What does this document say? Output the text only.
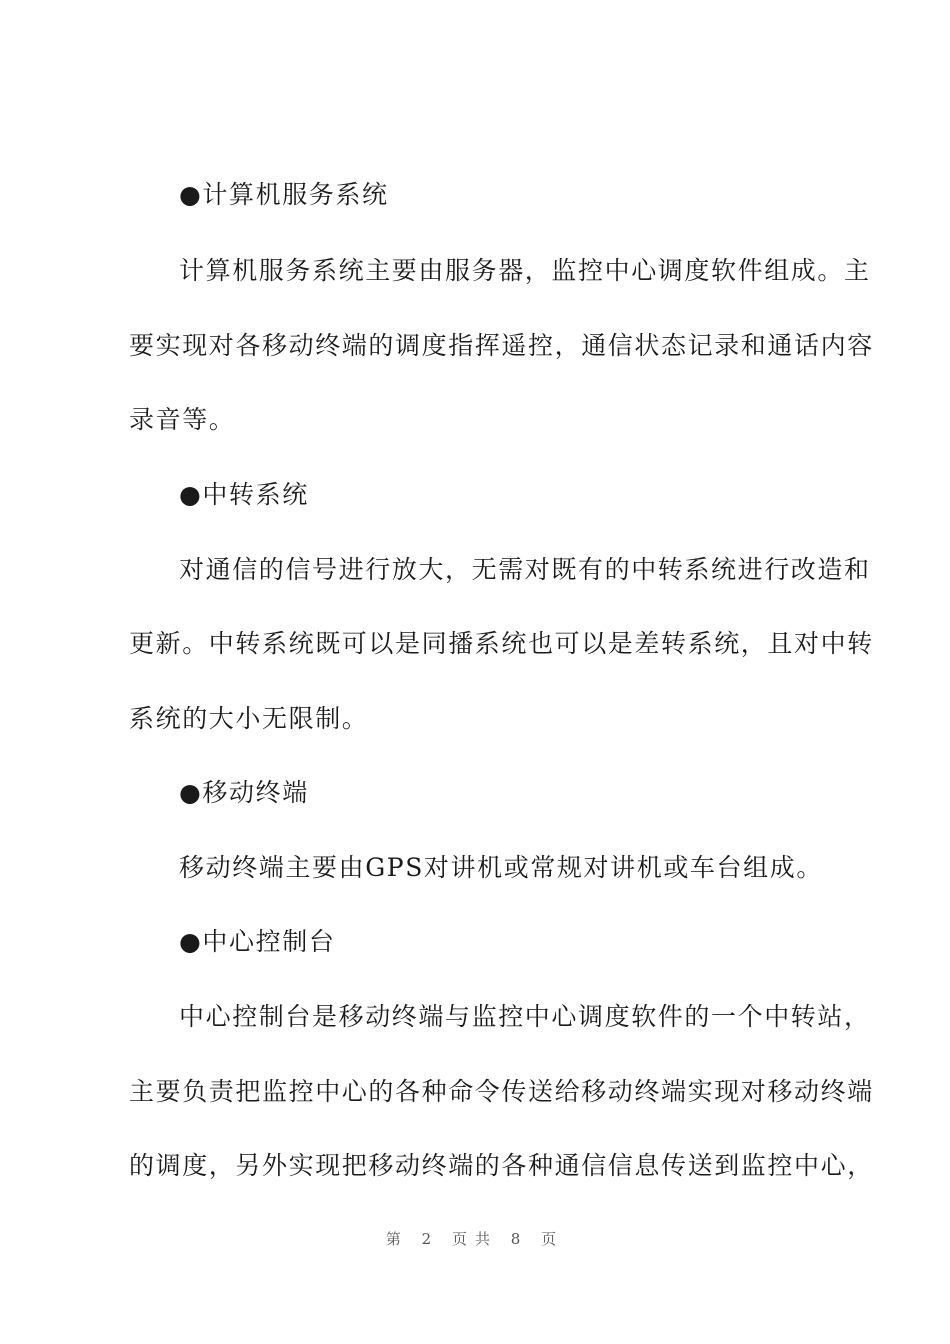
●计算机服务系统
计算机服务系统主要由服务器，监控中心调度软件组成。主
要实现对各移动终端的调度指挥遥控，通信状态记录和通话内容
录音等。
●中转系统
对通信的信号进行放大，无需对既有的中转系统进行改造和
更新。中转系统既可以是同播系统也可以是差转系统，且对中转
系统的大小无限制。
●移动终端
移动终端主要由GPS对讲机或常规对讲机或车台组成。
●中心控制台
中心控制台是移动终端与监控中心调度软件的一个中转站，
主要负责把监控中心的各种命令传送给移动终端实现对移动终端
的调度，另外实现把移动终端的各种通信信息传送到监控中心，
第 2 页共 8 页
